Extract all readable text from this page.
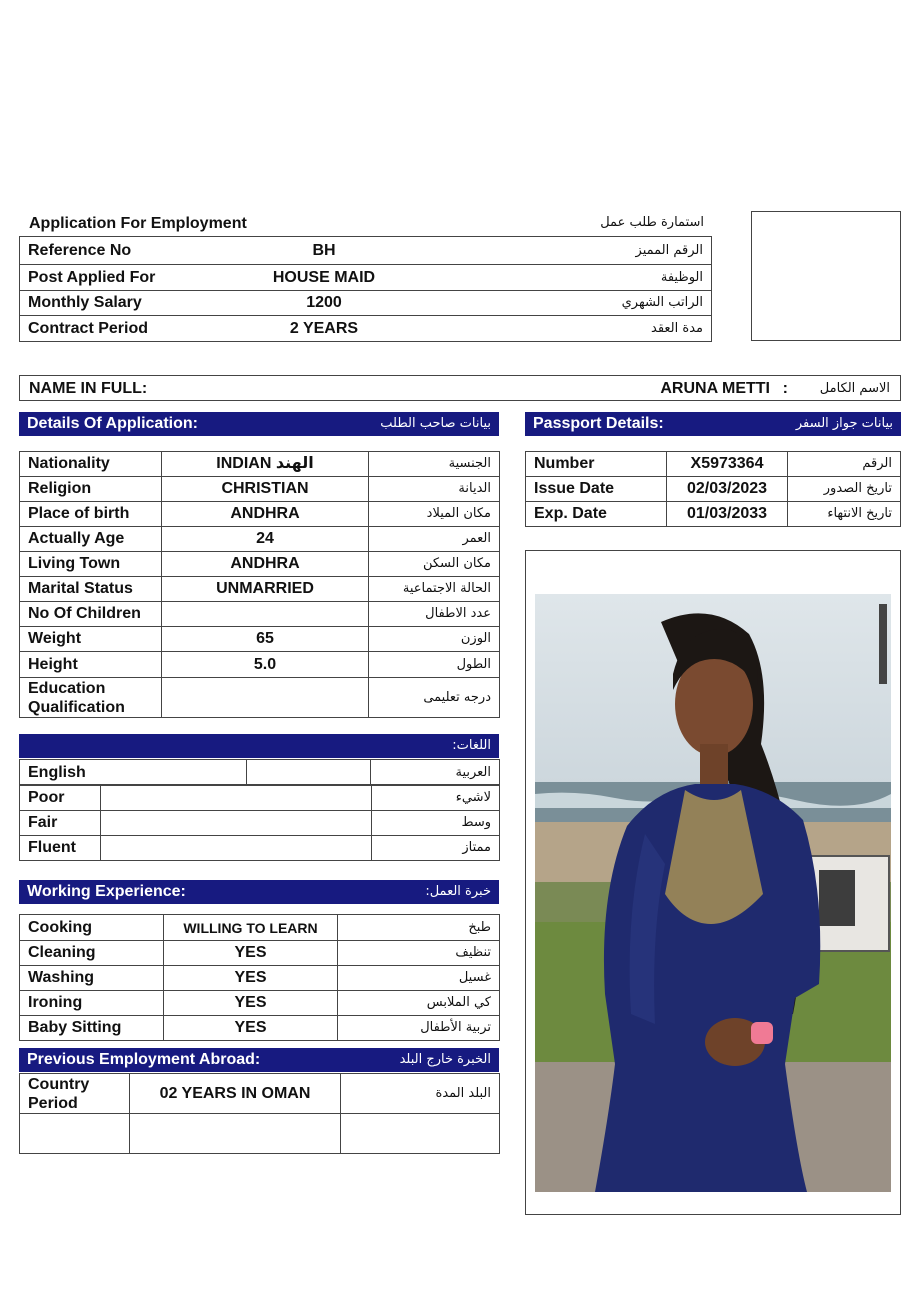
Application For Employment	استمارة طلب عمل
Reference No	BH	الرقم المميز
Post Applied For	HOUSE MAID	الوظيفة
Monthly Salary	1200	الراتب الشهري
Contract Period	2 YEARS	مدة العقد
NAME IN FULL:	ARUNA METTI : الاسم الكامل
Details Of Application:	بيانات صاحب الطلب	Passport Details:	بيانات جواز السفر
Nationality	INDIAN الهند	الجنسية
Religion	CHRISTIAN	الديانة
Place of birth	ANDHRA	مكان الميلاد
Actually Age	24	العمر
Living Town	ANDHRA	مكان السكن
Marital Status	UNMARRIED	الحالة الاجتماعية
No Of Children		عدد الاطفال
Weight	65	الوزن
Height	5.0	الطول
Education Qualification		درجه تعليمى
Number	X5973364	الرقم
Issue Date	02/03/2023	تاريخ الصدور
Exp. Date	01/03/2033	تاريخ الانتهاء
اللغات:
English		العربية
Poor		لاشيء
Fair		وسط
Fluent		ممتاز
Working Experience:	خبرة العمل:
Cooking	WILLING TO LEARN	طبخ
Cleaning	YES	تنظيف
Washing	YES	غسيل
Ironing	YES	كي الملابس
Baby Sitting	YES	تربية الأطفال
Previous Employment Abroad:	الخبرة خارج البلد
Country Period	02 YEARS IN OMAN	البلد المدة
